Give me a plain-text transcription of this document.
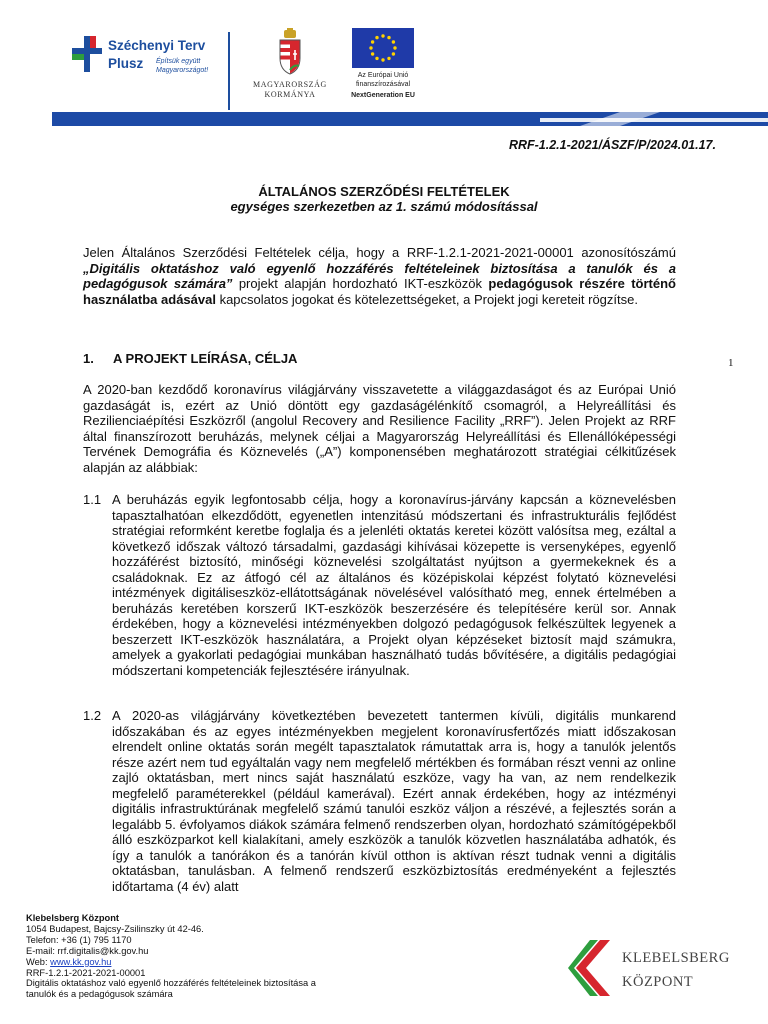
Széchenyi Terv
Plusz Építsük együtt
Magyarországot!
MAGYARORSZÁG
KORMÁNYA
Az Európai Unió
finanszírozásával
NextGeneration EU
RRF-1.2.1-2021/ÁSZF/P/2024.01.17.
ÁLTALÁNOS SZERZŐDÉSI FELTÉTELEK
egységes szerkezetben az 1. számú módosítással
Jelen Általános Szerződési Feltételek célja, hogy a RRF-1.2.1-2021-2021-00001 azonosítószámú „Digitális oktatáshoz való egyenlő hozzáférés feltételeinek biztosítása a tanulók és a pedagógusok számára” projekt alapján hordozható IKT-eszközök pedagógusok részére történő használatba adásával kapcsolatos jogokat és kötelezettségeket, a Projekt jogi kereteit rögzítse.
1. A PROJEKT LEÍRÁSA, CÉLJA	1
A 2020-ban kezdődő koronavírus világjárvány visszavetette a világgazdaságot és az Európai Unió gazdaságát is, ezért az Unió döntött egy gazdaságélénkítő csomagról, a Helyreállítási és Rezilienciaépítési Eszközről (angolul Recovery and Resilience Facility „RRF”). Jelen Projekt az RRF által finanszírozott beruházás, melynek céljai a Magyarország Helyreállítási és Ellenállóképességi Tervének Demográfia és Köznevelés („A”) komponensében meghatározott stratégiai célkitűzések alapján az alábbiak:
1.1 A beruházás egyik legfontosabb célja, hogy a koronavírus-járvány kapcsán a köznevelésben tapasztalhatóan elkezdődött, egyenetlen intenzitású módszertani és infrastrukturális fejlődést stratégiai reformként keretbe foglalja és a jelenléti oktatás keretei között valósítsa meg, ezáltal a következő időszak változó társadalmi, gazdasági kihívásai közepette is versenyképes, egyenlő hozzáférést biztosító, minőségi köznevelési szolgáltatást nyújtson a gyermekeknek és a családoknak. Ez az átfogó cél az általános és középiskolai képzést folytató köznevelési intézmények digitáliseszköz-ellátottságának növelésével valósítható meg, ennek értelmében a beruházás keretében korszerű IKT-eszközök beszerzésére és telepítésére kerül sor. Annak érdekében, hogy a köznevelési intézményekben dolgozó pedagógusok felkészültek legyenek a beszerzett IKT-eszközök használatára, a Projekt olyan képzéseket biztosít majd számukra, amelyek a gyakorlati pedagógiai munkában használható tudás bővítésére, a digitális pedagógiai módszertani kompetenciák fejlesztésére irányulnak.
1.2 A 2020-as világjárvány következtében bevezetett tantermen kívüli, digitális munkarend időszakában és az egyes intézményekben megjelent koronavírusfertőzés miatt időszakosan elrendelt online oktatás során megélt tapasztalatok rámutattak arra is, hogy a tanulók jelentős része azért nem tud egyáltalán vagy nem megfelelő mértékben és formában részt venni az online zajló oktatásban, mert nincs saját használatú eszköze, vagy ha van, az nem rendelkezik megfelelő paraméterekkel (például kamerával). Ezért annak érdekében, hogy az intézményi digitális infrastruktúrának megfelelő számú tanulói eszköz váljon a részévé, a fejlesztés során a legalább 5. évfolyamos diákok számára felmenő rendszerben olyan, hordozható számítógépekből álló eszközparkot kell kialakítani, amely eszközök a tanulók közvetlen használatába adhatók, és így a tanulók a tanórákon és a tanórán kívül otthon is aktívan részt tudnak venni a digitális oktatásban, tanulásban. A felmenő rendszerű eszközbiztosítás eredményeként a fejlesztés időtartama (4 év) alatt
Klebelsberg Központ
1054 Budapest, Bajcsy-Zsilinszky út 42-46.
Telefon: +36 (1) 795 1170
E-mail: rrf.digitalis@kk.gov.hu
Web: www.kk.gov.hu
RRF-1.2.1-2021-2021-00001
Digitális oktatáshoz való egyenlő hozzáférés feltételeinek biztosítása a
tanulók és a pedagógusok számára
KLEBELSBERG
KÖZPONT
